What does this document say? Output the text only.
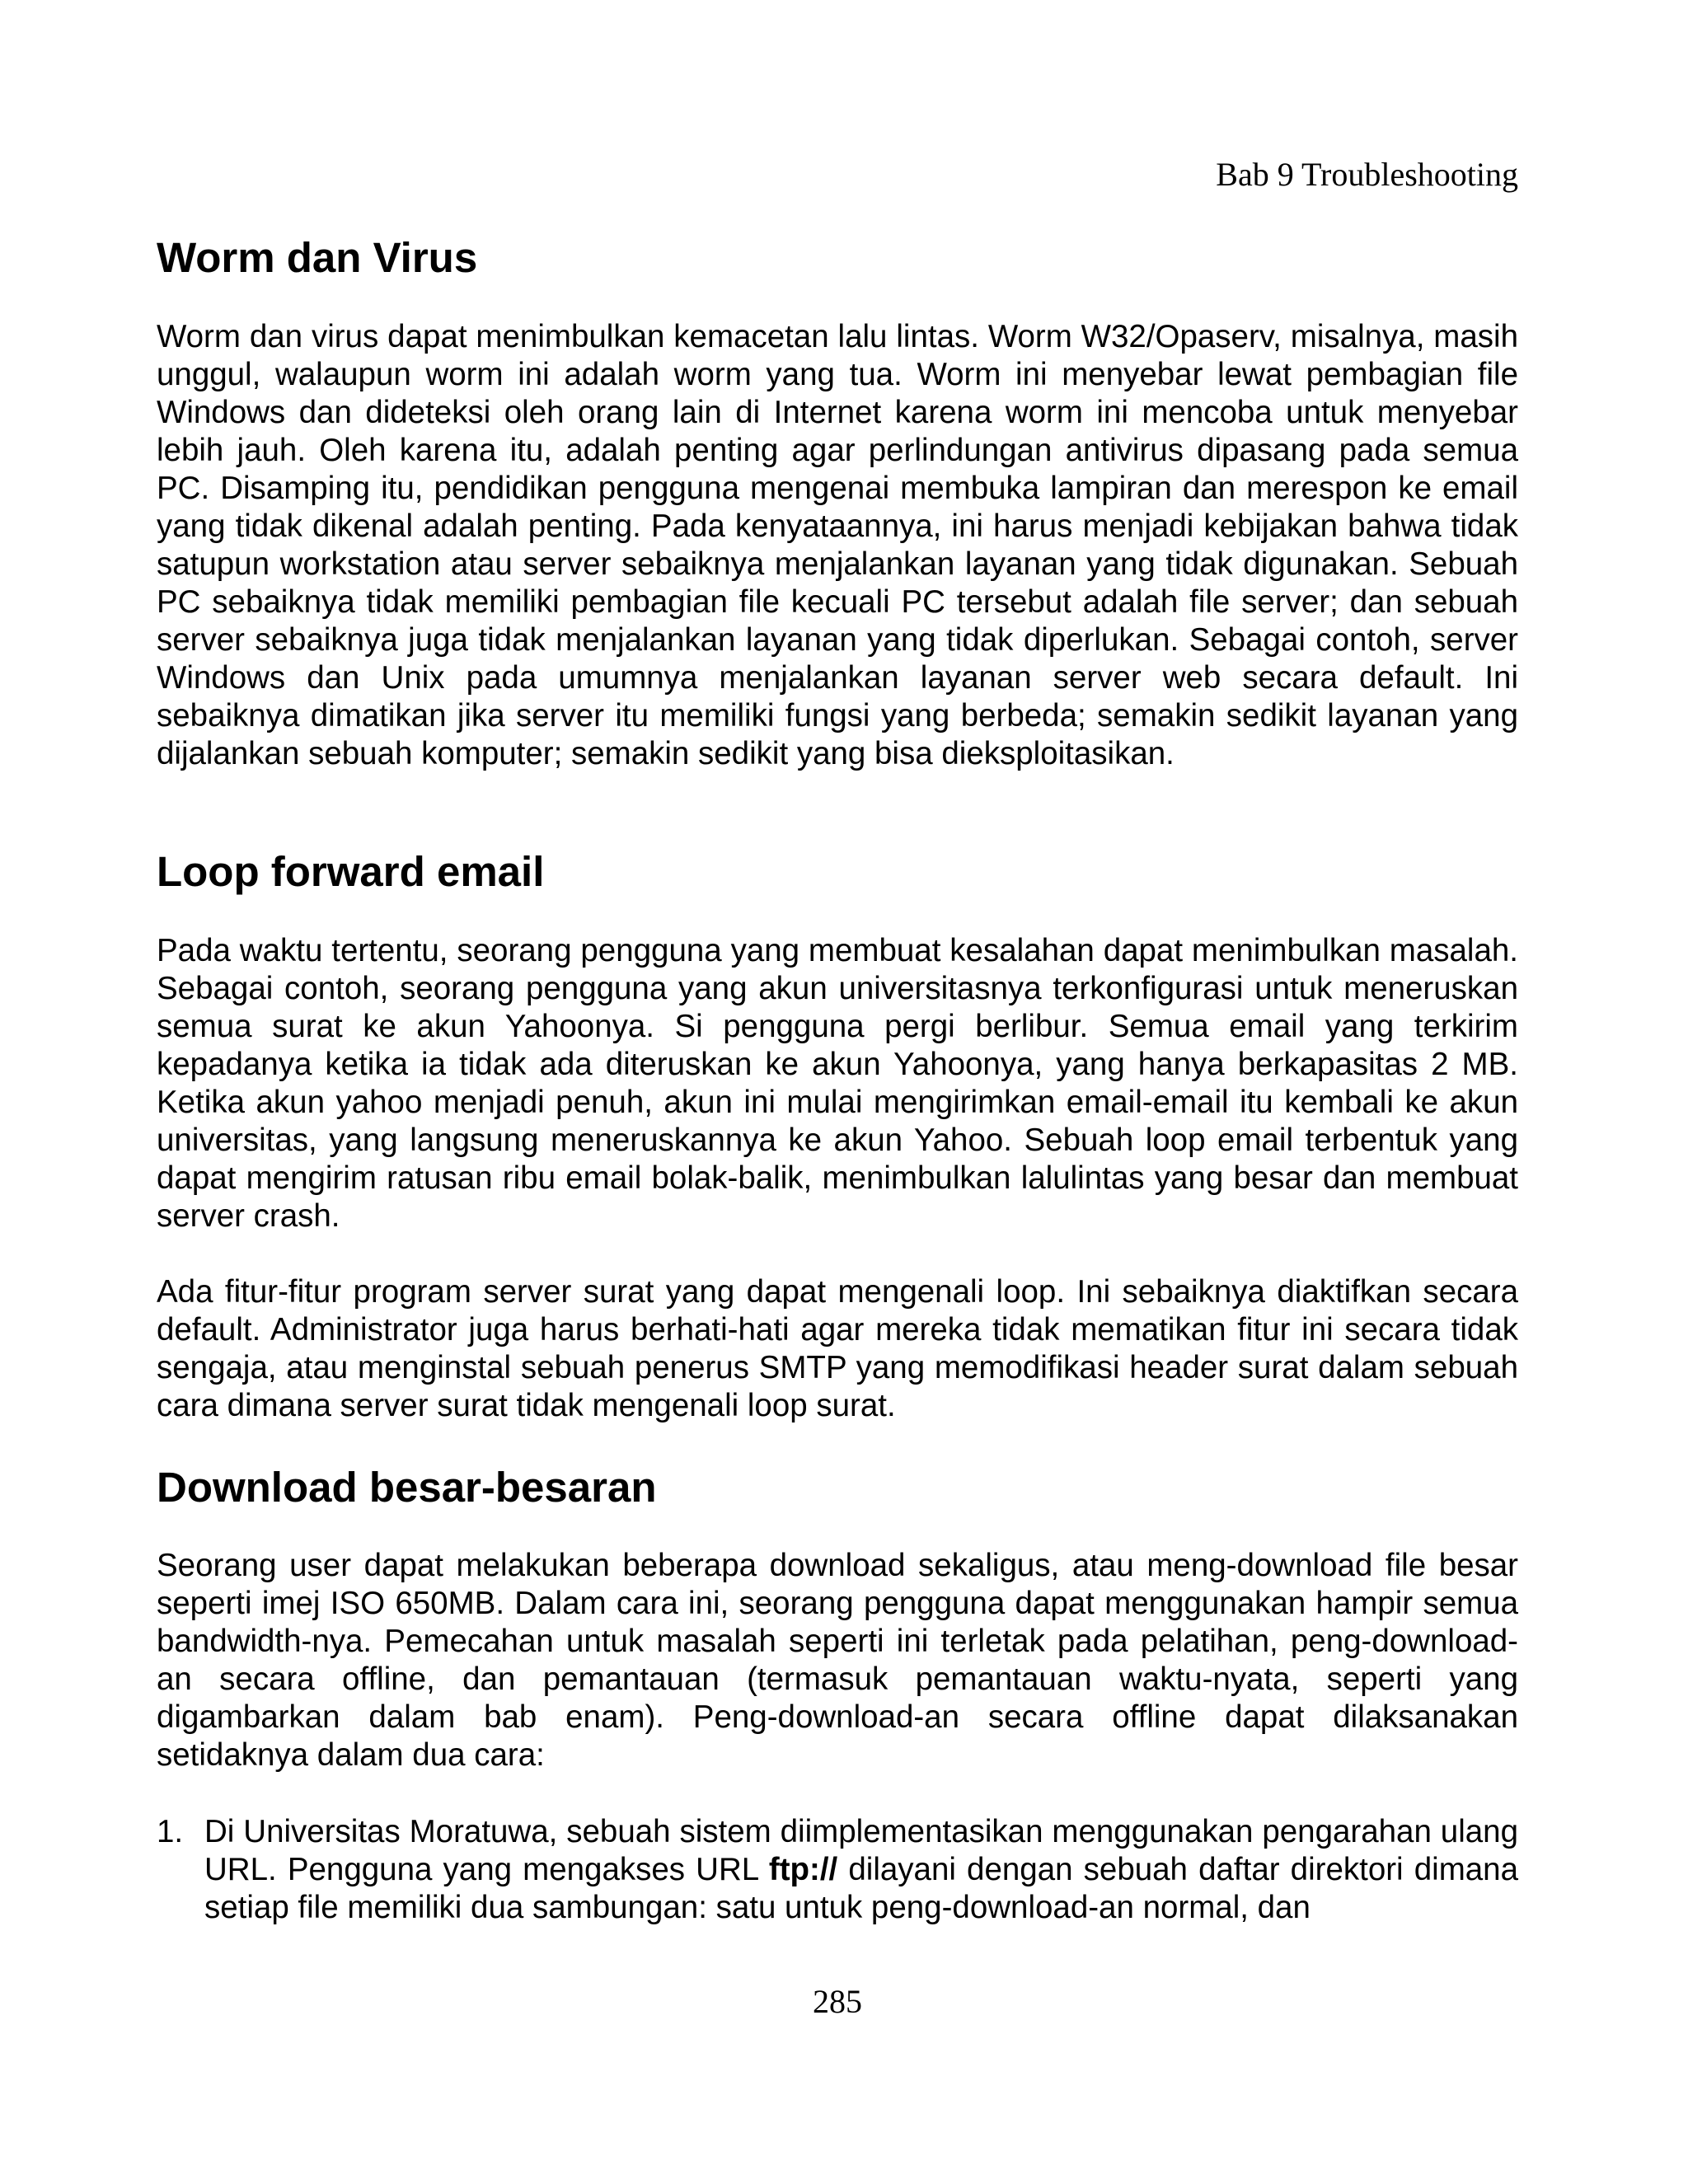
Bab 9 Troubleshooting
Worm dan Virus

Worm dan virus dapat menimbulkan kemacetan lalu lintas. Worm W32/Opaserv, misalnya, masih unggul, walaupun worm ini adalah worm yang tua. Worm ini menyebar lewat pembagian file Windows dan dideteksi oleh orang lain di Internet karena worm ini mencoba untuk menyebar lebih jauh. Oleh karena itu, adalah penting agar perlindungan antivirus dipasang pada semua PC. Disamping itu, pendidikan pengguna mengenai membuka lampiran dan merespon ke email yang tidak dikenal adalah penting. Pada kenyataannya, ini harus menjadi kebijakan bahwa tidak satupun workstation atau server sebaiknya menjalankan layanan yang tidak digunakan. Sebuah PC sebaiknya tidak memiliki pembagian file kecuali PC tersebut adalah file server; dan sebuah server sebaiknya juga tidak menjalankan layanan yang tidak diperlukan. Sebagai contoh, server Windows dan Unix pada umumnya menjalankan layanan server web secara default. Ini sebaiknya dimatikan jika server itu memiliki fungsi yang berbeda; semakin sedikit layanan yang dijalankan sebuah komputer; semakin sedikit yang bisa dieksploitasikan.

Loop forward email

Pada waktu tertentu, seorang pengguna yang membuat kesalahan dapat menimbulkan masalah. Sebagai contoh, seorang pengguna yang akun universitasnya terkonfigurasi untuk meneruskan semua surat ke akun Yahoonya. Si pengguna pergi berlibur. Semua email yang terkirim kepadanya ketika ia tidak ada diteruskan ke akun Yahoonya, yang hanya berkapasitas 2 MB. Ketika akun yahoo menjadi penuh, akun ini mulai mengirimkan email-email itu kembali ke akun universitas, yang langsung meneruskannya ke akun Yahoo. Sebuah loop email terbentuk yang dapat mengirim ratusan ribu email bolak-balik, menimbulkan lalulintas yang besar dan membuat server crash.

Ada fitur-fitur program server surat yang dapat mengenali loop. Ini sebaiknya diaktifkan secara default. Administrator juga harus berhati-hati agar mereka tidak mematikan fitur ini secara tidak sengaja, atau menginstal sebuah penerus SMTP yang memodifikasi header surat dalam sebuah cara dimana server surat tidak mengenali loop surat.

Download besar-besaran

Seorang user dapat melakukan beberapa download sekaligus, atau meng-download file besar seperti imej ISO 650MB. Dalam cara ini, seorang pengguna dapat menggunakan hampir semua bandwidth-nya. Pemecahan untuk masalah seperti ini terletak pada pelatihan, peng-download-an secara offline, dan pemantauan (termasuk pemantauan waktu-nyata, seperti yang digambarkan dalam bab enam). Peng-download-an secara offline dapat dilaksanakan setidaknya dalam dua cara:

1. Di Universitas Moratuwa, sebuah sistem diimplementasikan menggunakan pengarahan ulang URL. Pengguna yang mengakses URL ftp:// dilayani dengan sebuah daftar direktori dimana setiap file memiliki dua sambungan: satu untuk peng-download-an normal, dan
285
